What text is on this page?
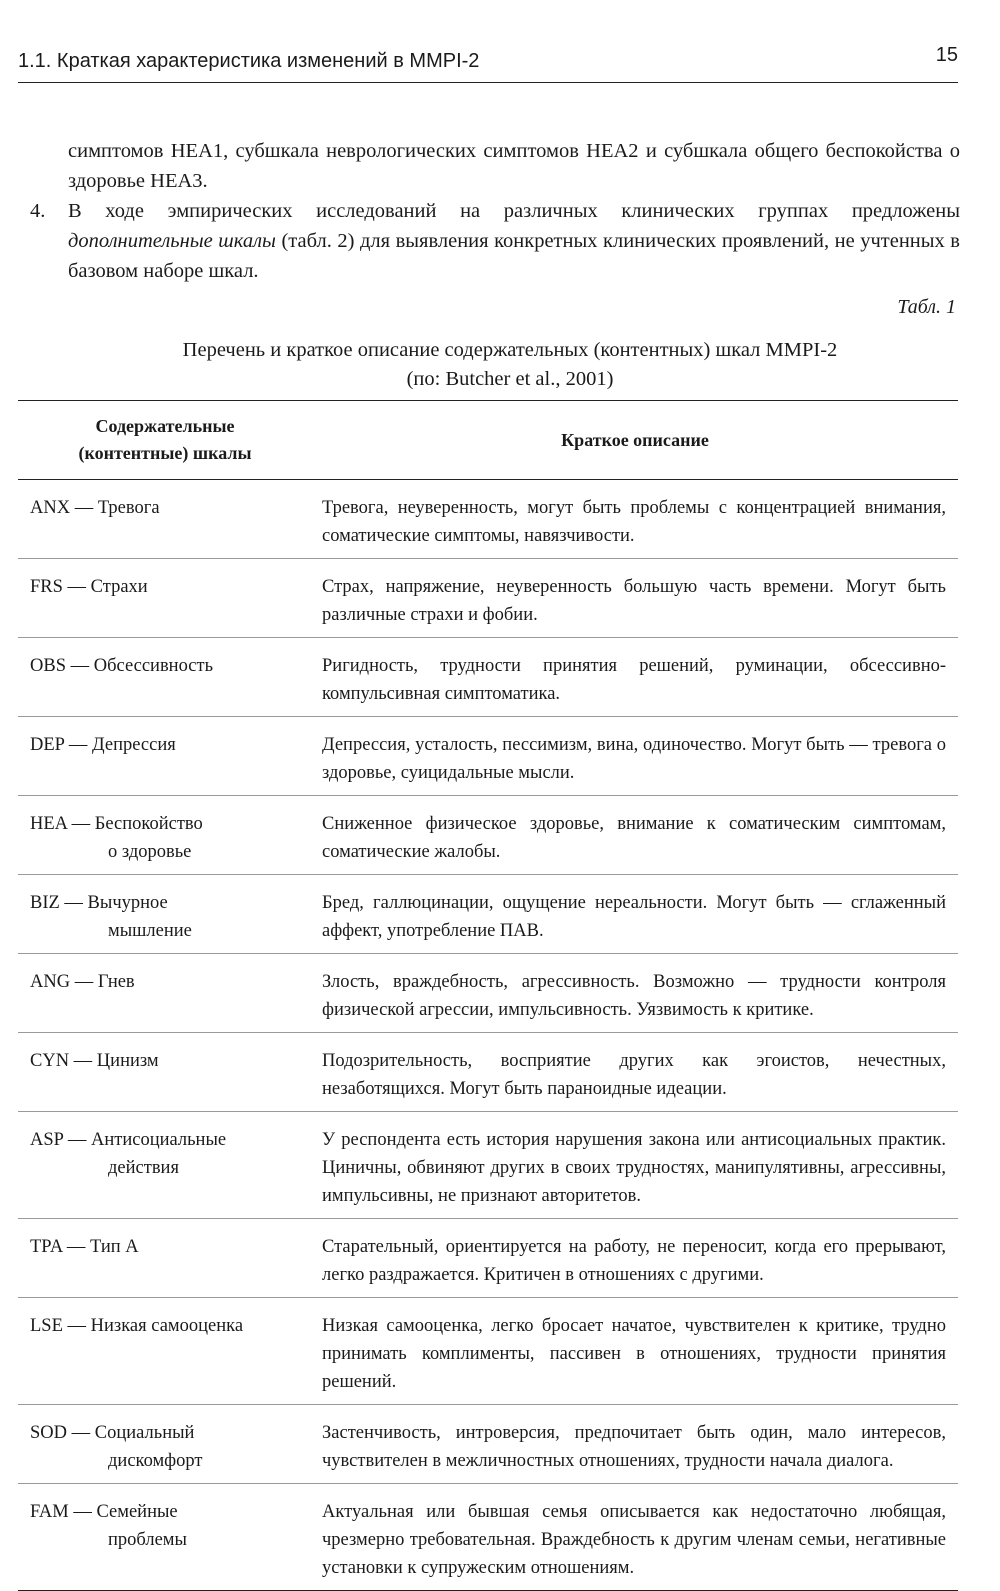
1.1. Краткая характеристика изменений в MMPI-2	15

симптомов HEA1, субшкала неврологических симптомов HEA2 и субшкала общего беспокойства о здоровье HEA3.

4.	В ходе эмпирических исследований на различных клинических группах предложены дополнительные шкалы (табл. 2) для выявления конкретных клинических проявлений, не учтенных в базовом наборе шкал.
Табл. 1
Перечень и краткое описание содержательных (контентных) шкал MMPI-2
(по: Butcher et al., 2001)
Содержательные
(контентные) шкалы	Краткое описание
ANX — Тревога	Тревога, неуверенность, могут быть проблемы с концентрацией внимания, соматические симптомы, навязчивости.
FRS — Страхи	Страх, напряжение, неуверенность большую часть времени. Могут быть различные страхи и фобии.
OBS — Обсессивность	Ригидность, трудности принятия решений, руминации, обсессивно-компульсивная симптоматика.
DEP — Депрессия	Депрессия, усталость, пессимизм, вина, одиночество. Могут быть — тревога о здоровье, суицидальные мысли.
HEA — Беспокойство
о здоровье	Сниженное физическое здоровье, внимание к соматическим симптомам, соматические жалобы.
BIZ — Вычурное
мышление	Бред, галлюцинации, ощущение нереальности. Могут быть — сглаженный аффект, употребление ПАВ.
ANG — Гнев	Злость, враждебность, агрессивность. Возможно — трудности контроля физической агрессии, импульсивность. Уязвимость к критике.
CYN — Цинизм	Подозрительность, восприятие других как эгоистов, нечестных, незаботящихся. Могут быть параноидные идеации.
ASP — Антисоциальные
действия	У респондента есть история нарушения закона или антисоциальных практик. Циничны, обвиняют других в своих трудностях, манипулятивны, агрессивны, импульсивны, не признают авторитетов.
TPA — Тип А	Старательный, ориентируется на работу, не переносит, когда его прерывают, легко раздражается. Критичен в отношениях с другими.
LSE — Низкая самооценка	Низкая самооценка, легко бросает начатое, чувствителен к критике, трудно принимать комплименты, пассивен в отношениях, трудности принятия решений.
SOD — Социальный
дискомфорт	Застенчивость, интроверсия, предпочитает быть один, мало интересов, чувствителен в межличностных отношениях, трудности начала диалога.
FAM — Семейные
проблемы	Актуальная или бывшая семья описывается как недостаточно любящая, чрезмерно требовательная. Враждебность к другим членам семьи, негативные установки к супружеским отношениям.
